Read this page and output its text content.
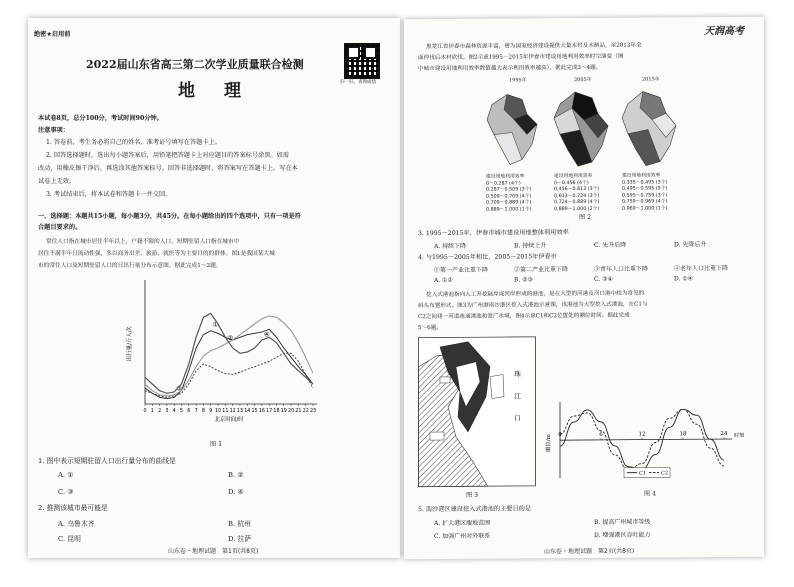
绝密★启用前
2022届山东省高三第二次学业质量联合检测
地　理	扫一扫，查询成绩
本试卷8页，总分100分，考试时间90分钟。
注意事项：
1. 答卷前，考生务必将自己的姓名、准考证号填写在答题卡上。
2. 回答选择题时，选出每小题答案后，用铅笔把答题卡上对应题目的答案标号涂黑。如需
改动，用橡皮擦干净后，再选涂其他答案标号。回答非选择题时，将答案写在答题卡上。写在本
试卷上无效。
3. 考试结束后，将本试卷和答题卡一并交回。
一、选择题：本题共15小题，每小题3分，共45分。在每小题给出的四个选项中，只有一项是符
合题目要求的。
常住人口指在城市居住半年以上，户籍不限的人口。短期驻留人口指在城市中
居住不满半年且流动性强，多以商务出差、旅游、就医等为主要目的的群体。图1是我国某大城
市的常住人口及短期驻留人口的日出行量分布示意图。据此完成1～2题。
0 1 2 3 4 5 6 7 8 9 10 11 12 13 14 15 16 17 18 19 20 21 22 23
北京时间/时
出行量/万人次
①
②
③
④
图 1
1. 图中表示短期驻留人口出行量分布的曲线是
A. ①	B. ②
C. ③	D. ④
2. 推测该城市最可能是
A. 乌鲁木齐	B. 杭州
C. 昆明	D. 拉萨
山东卷・地理试题　第1页(共8页)
天润高考
黑龙江省伊春市森林资源丰富，曾为国家经济建设提供大量木材及木制品，至2013年全
面停伐后木材砍伐。图2示意1995－2015年伊春市建设用地利用效率时空演变（图
中城市建设用地利用效率数值越大表示利用效率越高）。据此完成3～4题。
1995年	2005年	2015年
建设用地利用效率
0～0.287 (4个)
0.287～0.509 (3个)
0.509～0.709 (4个)
0.709～0.889 (4个)
0.889～1.000 (1个)
建设用地利用效率
0～0.456 (4个)
0.456～0.613 (3个)
0.613～0.724 (3个)
0.724～0.889 (4个)
0.889～1.000 (2个)
建设用地利用效率
0.335～0.495 (3个)
0.495～0.595 (5个)
0.595～0.759 (3个)
0.759～0.969 (4个)
0.969～1.000 (1个)
图 2
3. 1995－2015年，伊春市城市建设用地整体利用效率
A. 持续下降	B. 持续上升	C. 先升后降	D. 先降后升
4. 与1995－2005年相比，2005－2015年伊春市
①第一产业比重下降	②第二产业比重下降	③青年人口比重下降	④老年人口比重下降
A. ①②	B. ②③	C. ③④	D. ①④
挖入式港池指向人工开挖陆岸或河岸形成的港池，是在大型的河港及河口港中较为常见的
码头布置形式。图3为广州港南沙港区挖入式港池示意图，该港池为大型挖入式港池，在C1与
C2之间建一河道连通港池和宽广水域，图4示意C1和C2位置处的潮位时间。据此完成
5～6题。
珠
江
口
图 3
潮位/m	时刻
0	6	12	18	24
C1	C2
图 4
5. 南沙港区建设挖入式港池的主要目的是
A. 扩大港区腹地范围	B. 提高广州城市等级
C. 加强广州对外联系	D. 增强港区吞吐能力
山东卷・地理试题　第2页(共8页)
